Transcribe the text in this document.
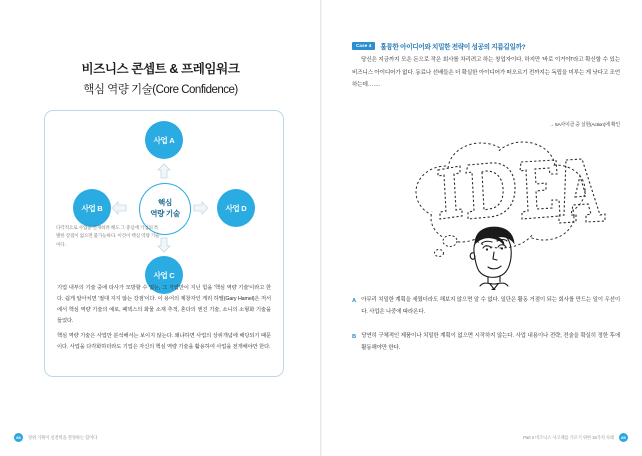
비즈니스 콘셉트 & 프레임워크
핵심 역량 기술(Core Confidence)
사업 A
사업 B	사업 D
사업 C
핵심
역량 기술
다각적으로 사업을 전개하려 해도 그 중심에 기업의 특별한 강점이 없으면 불가능하다. 이것이 핵심 역량 기술이다.

기업 내부의 기술 중에 타사가 모방할 수 없는, 그 기업만이 지닌 힘을 '핵심 역량 기술'이라고 한다. 쉽게 알아치면 '절대 지지 않는 강점'이다. 이 용어의 제창자인 게리 하멜(Gary Hamel)은 저서에서 핵심 역량 기술의 예로, 페덱스의 화물 소재 추적, 혼다의 엔진 기술, 소니의 소형화 기술을 들었다.

핵심 역량 기술은 사업만 분석해서는 보이지 않는다. 왜냐하면 사업의 상위개념에 해당되기 때문이다. 사업을 다각화하더라도 기업은 자신의 핵심 역량 기술을 활용하여 사업을 전개해야만 한다.

88	상위 기획이 실전력을 결정하는 힘이다
Case 4	훌륭한 아이디어와 치밀한 전략이 성공의 지름길일까?

당신은 지금까지 모은 돈으로 작은 회사를 차리려고 하는 창업자이다. 하지만 '바로 이거야!'라고 확신할 수 있는 비즈니스 아이디어가 없다. 동료나 선배들은 더 확실한 아이디어가 떠오르기 전까지는 독립을 미루는 게 낫다고 조언하는데…….

→ 5A사이클 중 실현(Action)에 확인
A 아무리 치밀한 계획을 세웠더라도 해보지 않으면 알 수 없다. 일단은 활동 거점이 되는 회사를 만드는 일이 우선이다. 사업은 나중에 따라온다.
B 당연히 구체적인 제품이나 치밀한 계획이 없으면 시작하지 않는다. 사업 내용이나 전략, 전술을 확실히 정한 후에 활동해야만 한다.
89
Part 2 비즈니스 사고체를 기르기 위한 18가지 사례
